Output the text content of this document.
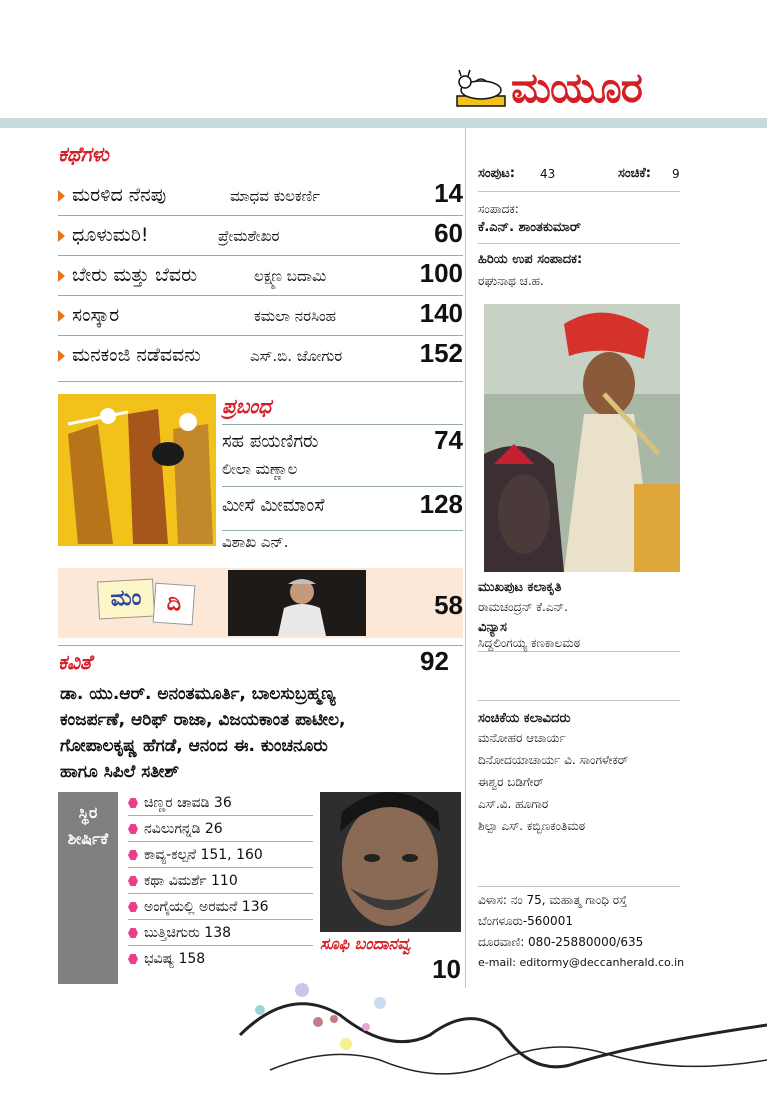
ಮಯೂರ
ಕಥೆಗಳು
ಮರಳಿದ ನೆನಪು	ಮಾಧವ ಕುಲಕರ್ಣಿ	14
ಧೂಳುಮರಿ!	ಪ್ರೇಮಶೇಖರ	60
ಬೇರು ಮತ್ತು ಬೆವರು	ಲಕ್ಷ್ಮಣ ಬದಾಮಿ	100
ಸಂಸ್ಕಾರ	ಕಮಲಾ ನರಸಿಂಹ	140
ಮನಕಂಜಿ ನಡೆವವನು	ಎಸ್.ಬಿ. ಜೋಗುರ	152
ಪ್ರಬಂಧ
ಸಹ ಪಯಣಿಗರು	74
ಲೀಲಾ ಮಣ್ಣಾಲ
ಮೀಸೆ ಮೀಮಾಂಸೆ	128
ವಿಶಾಖ ಎನ್.
ಮಂ	ದಿ	58
ಕವಿತೆ	92
ಡಾ. ಯು.ಆರ್. ಅನಂತಮೂರ್ತಿ, ಬಾಲಸುಬ್ರಹ್ಮಣ್ಯ
ಕಂಜರ್ಪಣೆ, ಆರಿಫ್ ರಾಜಾ, ವಿಜಯಕಾಂತ ಪಾಟೀಲ,
ಗೋಪಾಲಕೃಷ್ಣ ಹೆಗಡೆ, ಆನಂದ ಈ. ಕುಂಚನೂರು
ಹಾಗೂ ಸಿಪಿಲೆ ಸತೀಶ್
ಸ್ಥಿರ ಶೀರ್ಷಿಕೆ
ಚಿಣ್ಣರ ಚಾವಡಿ 36
ನವಿಲುಗನ್ನಡಿ 26
ಕಾವ್ಯ-ಕಲ್ಪನೆ 151, 160
ಕಥಾ ವಿಮರ್ಶೆ 110
ಅಂಗೈಯಲ್ಲಿ ಅರಮನೆ 136
ಬುತ್ತಿಚಿಗುರು 138
ಭವಿಷ್ಯ 158
ಸೂಫಿ ಬಂದಾನವ್ವ
10
ಸಂಪುಟ: 43	ಸಂಚಿಕೆ: 9
ಸಂಪಾದಕ:
ಕೆ.ಎನ್. ಶಾಂತಕುಮಾರ್
ಹಿರಿಯ ಉಪ ಸಂಪಾದಕ:
ರಘುನಾಥ ಚ.ಹ.
ಮುಖಪುಟ ಕಲಾಕೃತಿ
ರಾಮಚಂದ್ರನ್ ಕೆ.ಎನ್.
ವಿನ್ಯಾಸ
ಸಿದ್ದಲಿಂಗಯ್ಯ ಕಣಕಾಲಮಠ
ಸಂಚಿಕೆಯ ಕಲಾವಿದರು
ಮನೋಹರ ಆಚಾರ್ಯ
ದಿನೋದಯಾಚಾರ್ಯ ವಿ. ಸಾಂಗಳೇಕರ್
ಈಶ್ವರ ಬಡಿಗೇರ್
ಎಸ್.ವಿ. ಹೂಗಾರ
ಶಿಲ್ಪಾ ಎಸ್. ಕಬ್ಬಿಣಕಂತಿಮಠ
ವಿಳಾಸ: ನಂ 75, ಮಹಾತ್ಮ ಗಾಂಧಿ ರಸ್ತೆ
ಬೆಂಗಳೂರು-560001
ದೂರವಾಣಿ: 080-25880000/635
e-mail: editormy@deccanherald.co.in
